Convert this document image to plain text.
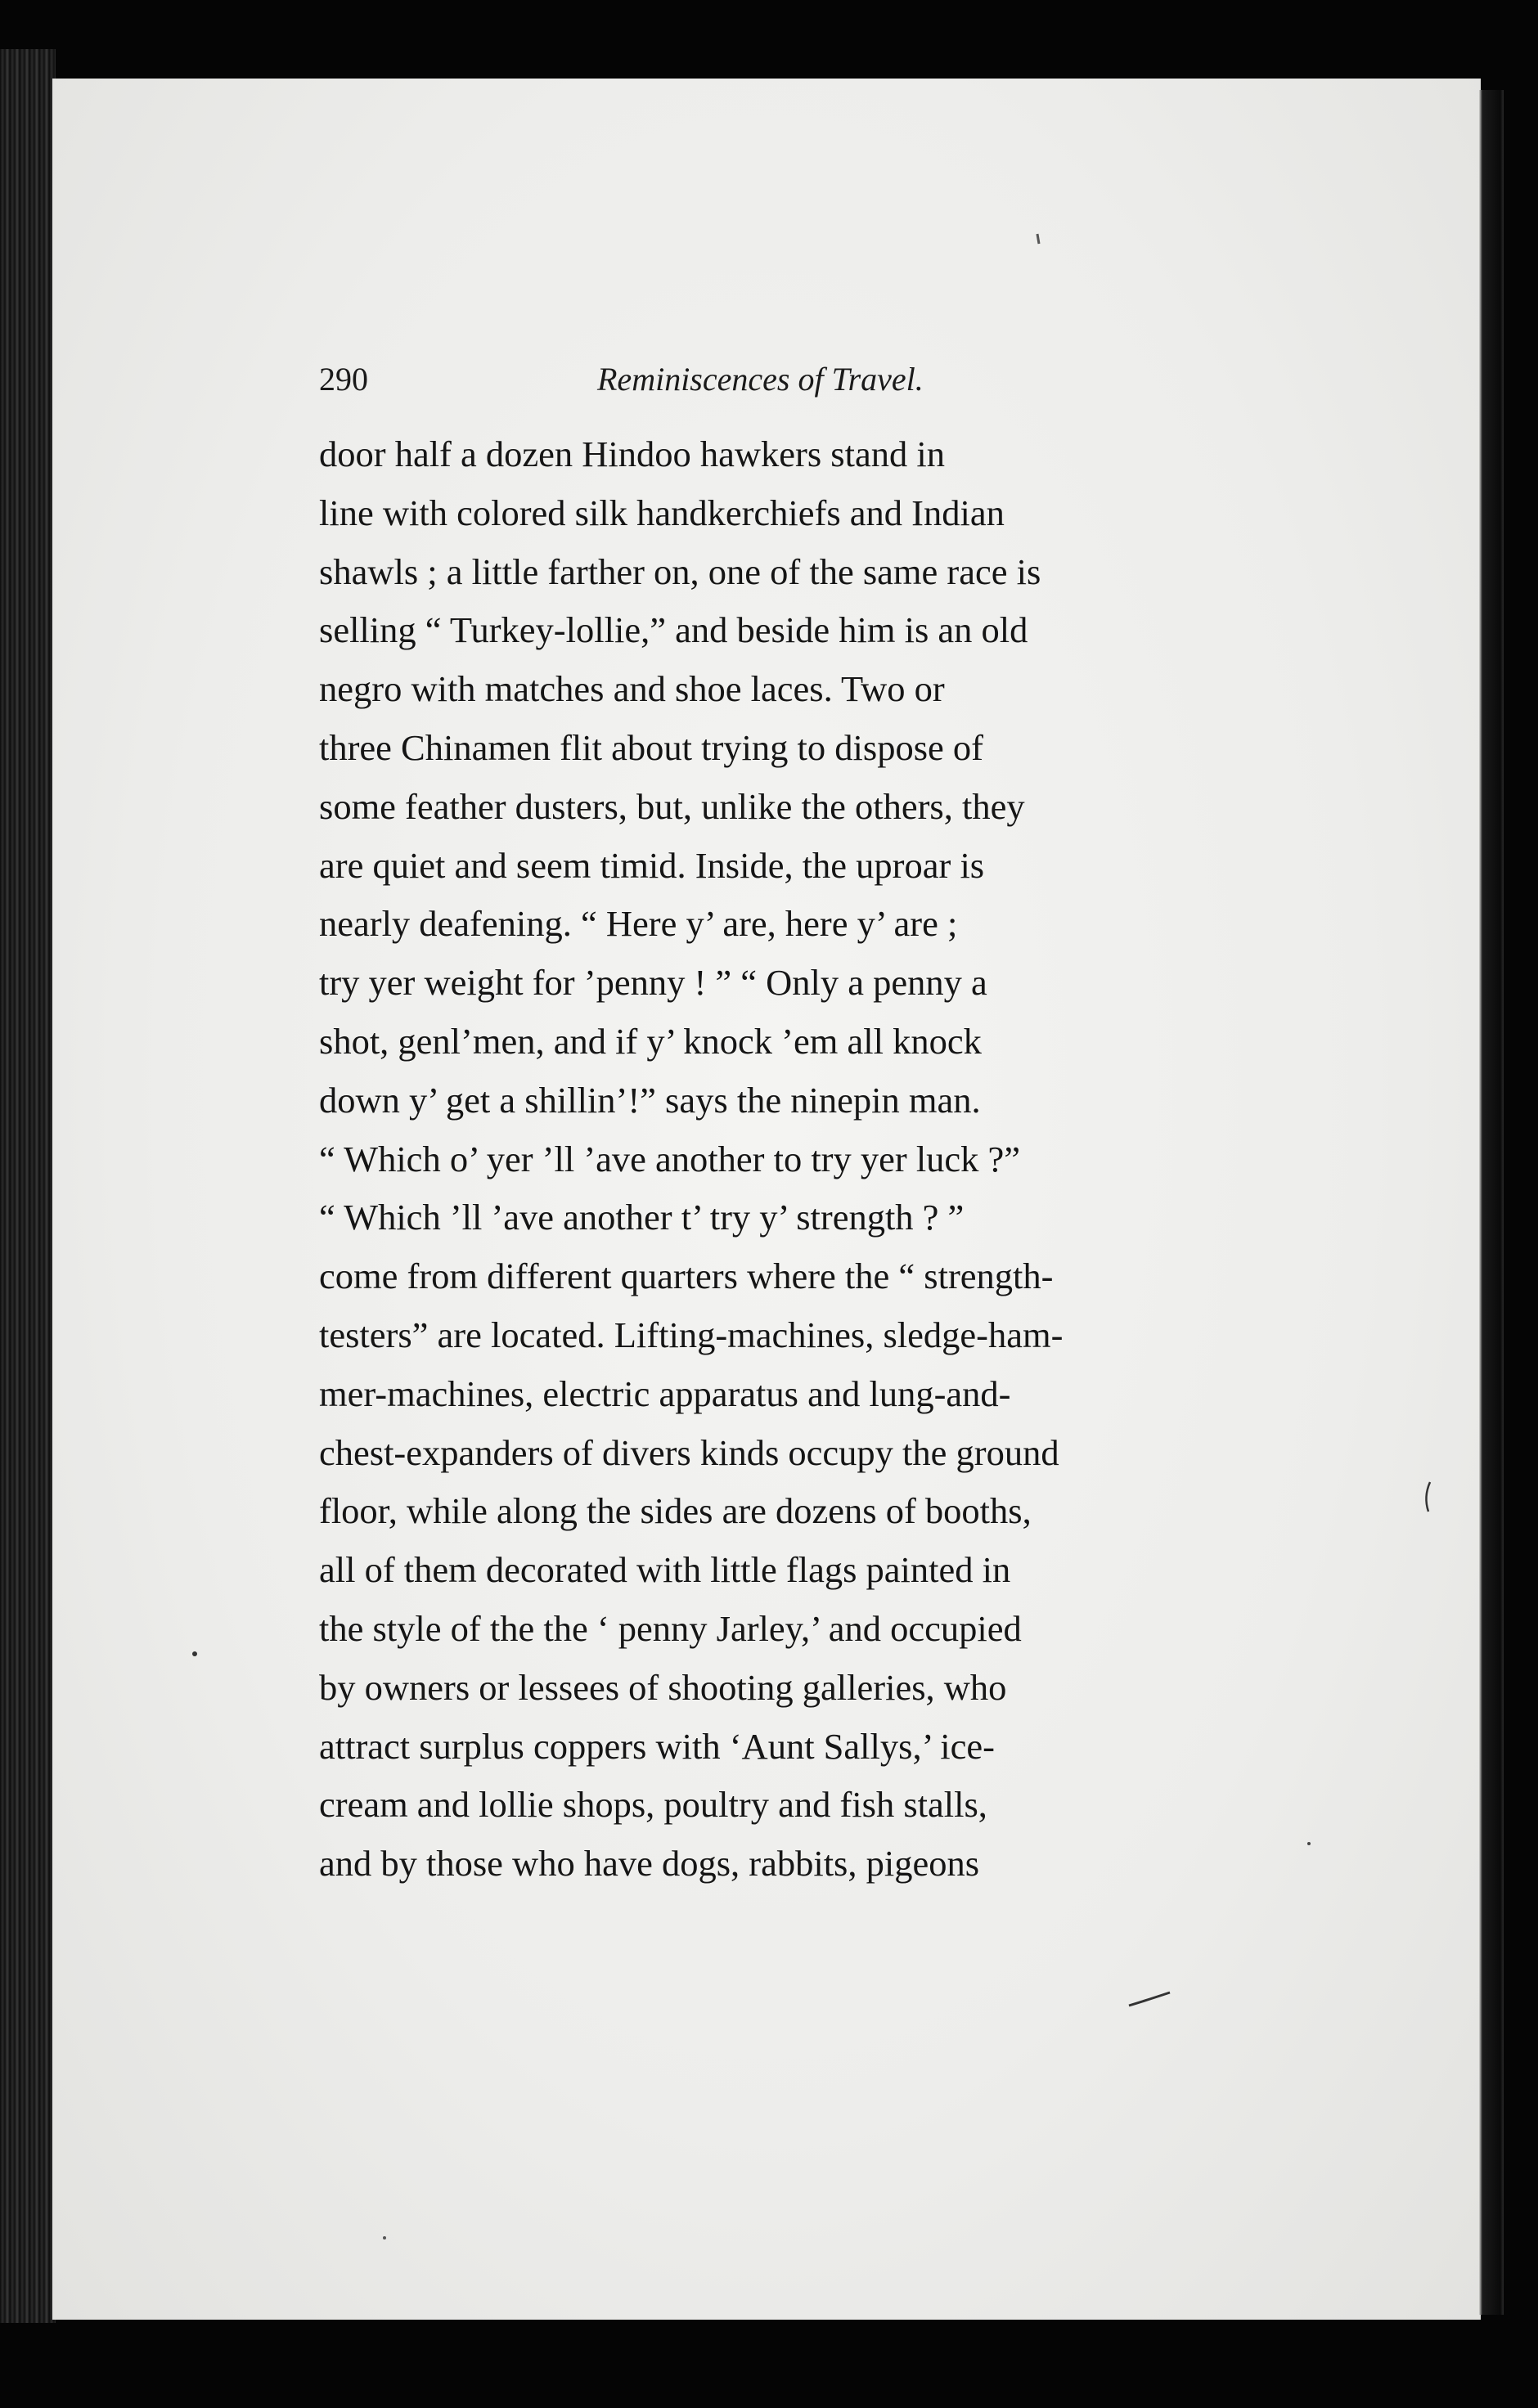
290	Reminiscences of Travel.
door half a dozen Hindoo hawkers stand in
line with colored silk handkerchiefs and Indian
shawls ; a little farther on, one of the same race is
selling “ Turkey-lollie,” and beside him is an old
negro with matches and shoe laces. Two or
three Chinamen flit about trying to dispose of
some feather dusters, but, unlike the others, they
are quiet and seem timid. Inside, the uproar is
nearly deafening. “ Here y’ are, here y’ are ;
try yer weight for ’penny ! ” “ Only a penny a
shot, genl’men, and if y’ knock ’em all knock
down y’ get a shillin’!” says the ninepin man.
“ Which o’ yer ’ll ’ave another to try yer luck ?”
“ Which ’ll ’ave another t’ try y’ strength ? ”
come from different quarters where the “ strength-
testers” are located. Lifting-machines, sledge-ham-
mer-machines, electric apparatus and lung-and-
chest-expanders of divers kinds occupy the ground
floor, while along the sides are dozens of booths,
all of them decorated with little flags painted in
the style of the the ‘ penny Jarley,’ and occupied
by owners or lessees of shooting galleries, who
attract surplus coppers with ‘Aunt Sallys,’ ice-
cream and lollie shops, poultry and fish stalls,
and by those who have dogs, rabbits, pigeons
